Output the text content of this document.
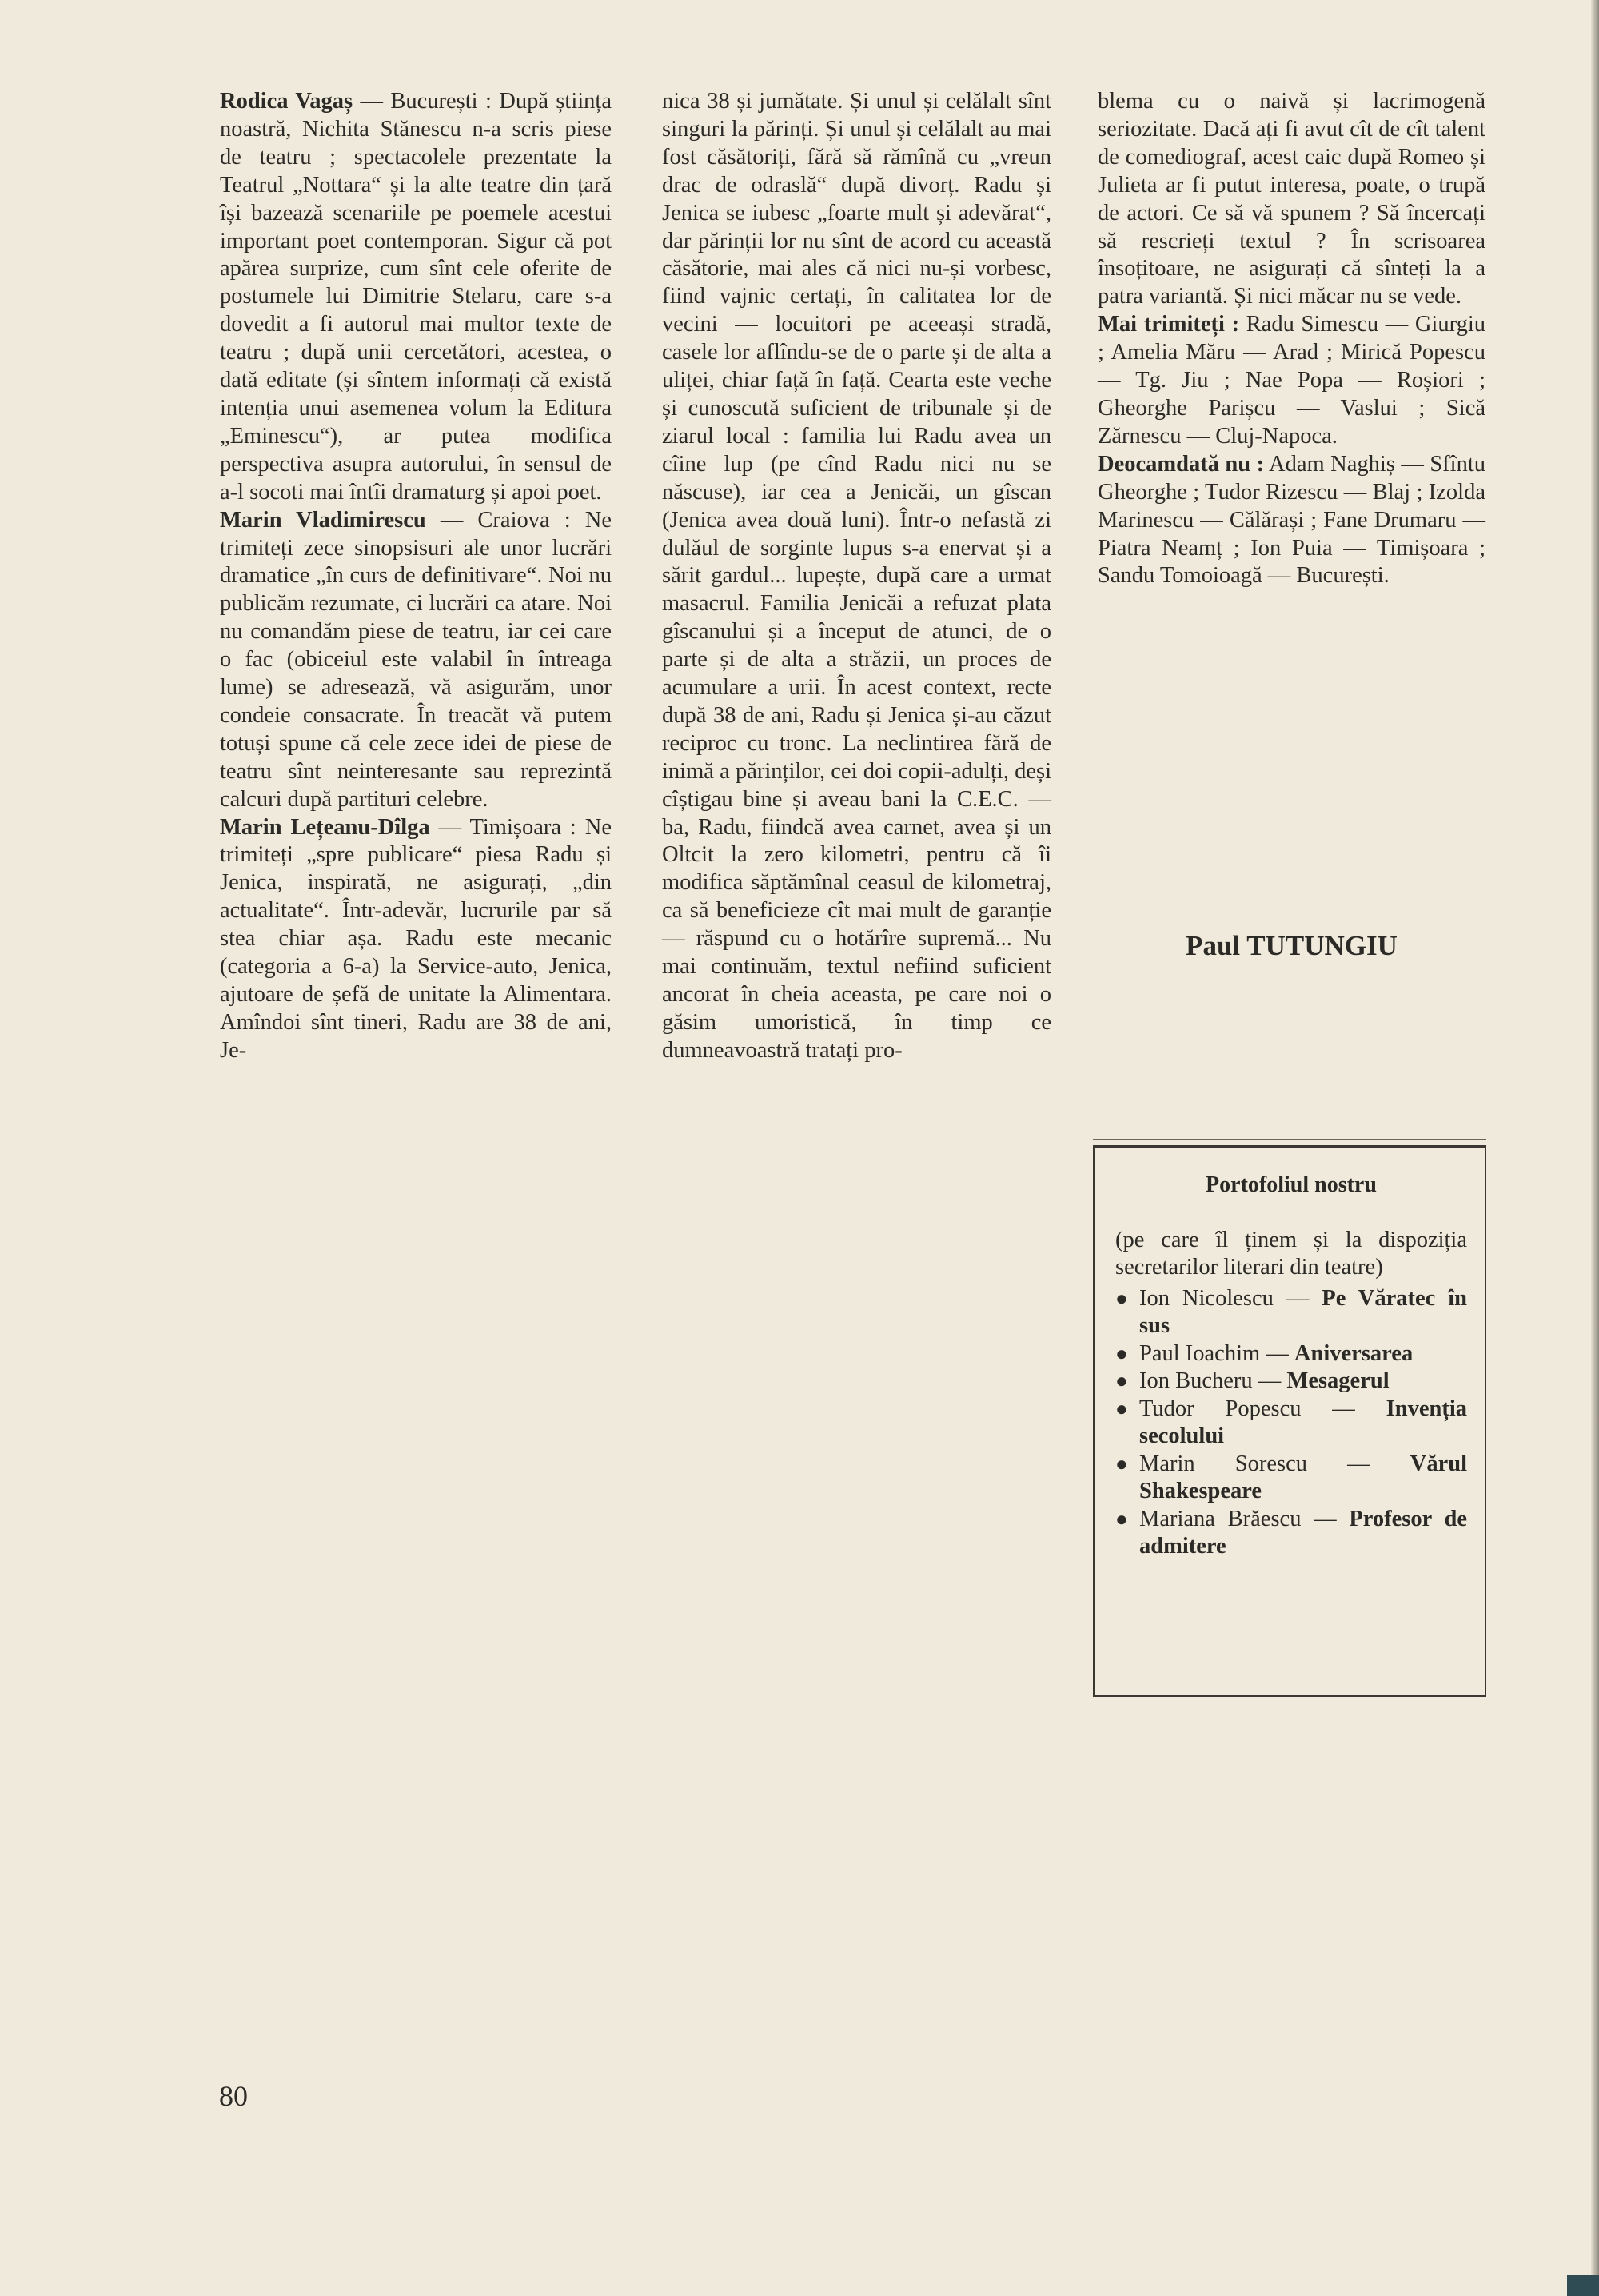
Rodica Vagaș — București : După știința noastră, Nichita Stănescu n-a scris piese de teatru ; spectacolele prezentate la Teatrul „Nottara“ și la alte teatre din țară își bazează scenariile pe poemele acestui important poet contemporan. Sigur că pot apărea surprize, cum sînt cele oferite de postumele lui Dimitrie Stelaru, care s-a dovedit a fi autorul mai multor texte de teatru ; după unii cercetători, acestea, o dată editate (și sîntem informați că există intenția unui asemenea volum la Editura „Eminescu“), ar putea modifica perspectiva asupra autorului, în sensul de a-l socoti mai întîi dramaturg și apoi poet.

Marin Vladimirescu — Craiova : Ne trimiteți zece sinopsisuri ale unor lucrări dramatice „în curs de definitivare“. Noi nu publicăm rezumate, ci lucrări ca atare. Noi nu comandăm piese de teatru, iar cei care o fac (obiceiul este valabil în întreaga lume) se adresează, vă asigurăm, unor condeie consacrate. În treacăt vă putem totuși spune că cele zece idei de piese de teatru sînt neinteresante sau reprezintă calcuri după partituri celebre.

Marin Lețeanu-Dîlga — Timișoara : Ne trimiteți „spre publicare“ piesa Radu și Jenica, inspirată, ne asigurați, „din actualitate“. Într-adevăr, lucrurile par să stea chiar așa. Radu este mecanic (categoria a 6-a) la Service-auto, Jenica, ajutoare de șefă de unitate la Alimentara. Amîndoi sînt tineri, Radu are 38 de ani, Je-

nica 38 și jumătate. Și unul și celălalt sînt singuri la părinți. Și unul și celălalt au mai fost căsătoriți, fără să rămînă cu „vreun drac de odraslă“ după divorț. Radu și Jenica se iubesc „foarte mult și adevărat“, dar părinții lor nu sînt de acord cu această căsătorie, mai ales că nici nu-și vorbesc, fiind vajnic certați, în calitatea lor de vecini — locuitori pe aceeași stradă, casele lor aflîndu-se de o parte și de alta a uliței, chiar față în față. Cearta este veche și cunoscută suficient de tribunale și de ziarul local : familia lui Radu avea un cîine lup (pe cînd Radu nici nu se născuse), iar cea a Jenicăi, un gîscan (Jenica avea două luni). Într-o nefastă zi dulăul de sorginte lupus s-a enervat și a sărit gardul... lupește, după care a urmat masacrul. Familia Jenicăi a refuzat plata gîscanului și a început de atunci, de o parte și de alta a străzii, un proces de acumulare a urii. În acest context, recte după 38 de ani, Radu și Jenica și-au căzut reciproc cu tronc. La neclintirea fără de inimă a părinților, cei doi copii-adulți, deși cîștigau bine și aveau bani la C.E.C. — ba, Radu, fiindcă avea carnet, avea și un Oltcit la zero kilometri, pentru că îi modifica săptămînal ceasul de kilometraj, ca să beneficieze cît mai mult de garanție — răspund cu o hotărîre supremă... Nu mai continuăm, textul nefiind suficient ancorat în cheia aceasta, pe care noi o găsim umoristică, în timp ce dumneavoastră tratați pro-

blema cu o naivă și lacrimogenă seriozitate. Dacă ați fi avut cît de cît talent de comediograf, acest caic după Romeo și Julieta ar fi putut interesa, poate, o trupă de actori. Ce să vă spunem ? Să încercați să rescrieți textul ? În scrisoarea însoțitoare, ne asigurați că sînteți la a patra variantă. Și nici măcar nu se vede.

Mai trimiteți : Radu Simescu — Giurgiu ; Amelia Măru — Arad ; Mirică Popescu — Tg. Jiu ; Nae Popa — Roșiori ; Gheorghe Parișcu — Vaslui ; Sică Zărnescu — Cluj-Napoca.

Deocamdată nu : Adam Naghiș — Sfîntu Gheorghe ; Tudor Rizescu — Blaj ; Izolda Marinescu — Călărași ; Fane Drumaru — Piatra Neamț ; Ion Puia — Timișoara ; Sandu Tomoioagă — București.

Paul TUTUNGIU

Portofoliul nostru

(pe care îl ținem și la dispoziția secretarilor literari din teatre)

● Ion Nicolescu — Pe Văratec în sus
● Paul Ioachim — Aniversarea
● Ion Bucheru — Mesagerul
● Tudor Popescu — Invenția secolului
● Marin Sorescu — Vărul Shakespeare
● Mariana Brăescu — Profesor de admitere
80
